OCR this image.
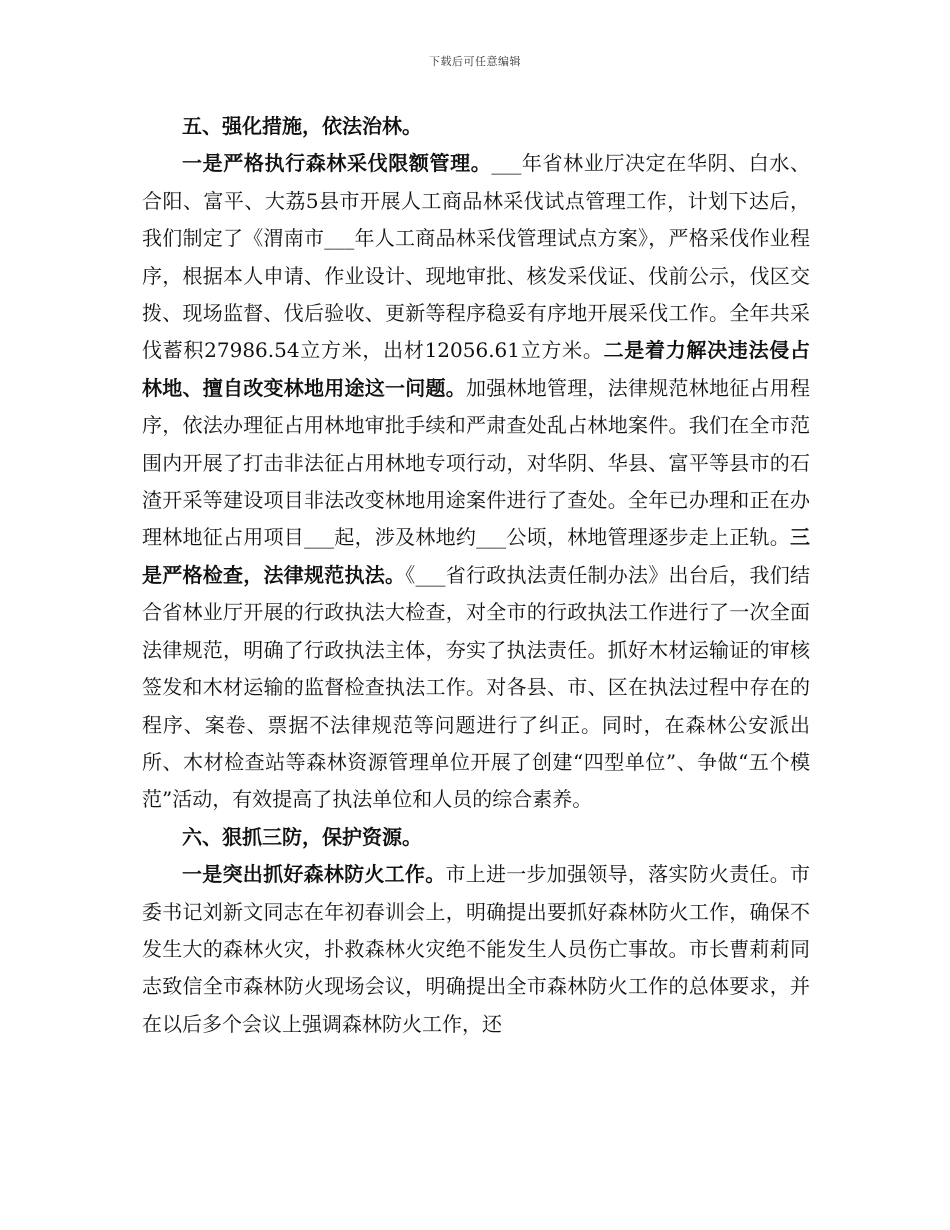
下载后可任意编辑

五、强化措施，依法治林。

一是严格执行森林采伐限额管理。___年省林业厅决定在华阴、白水、合阳、富平、大荔5县市开展人工商品林采伐试点管理工作，计划下达后，我们制定了《渭南市___年人工商品林采伐管理试点方案》，严格采伐作业程序，根据本人申请、作业设计、现地审批、核发采伐证、伐前公示，伐区交拨、现场监督、伐后验收、更新等程序稳妥有序地开展采伐工作。全年共采伐蓄积27986.54立方米，出材12056.61立方米。二是着力解决违法侵占林地、擅自改变林地用途这一问题。加强林地管理，法律规范林地征占用程序，依法办理征占用林地审批手续和严肃查处乱占林地案件。我们在全市范围内开展了打击非法征占用林地专项行动，对华阴、华县、富平等县市的石渣开采等建设项目非法改变林地用途案件进行了查处。全年已办理和正在办理林地征占用项目___起，涉及林地约___公顷，林地管理逐步走上正轨。三是严格检查，法律规范执法。《___省行政执法责任制办法》出台后，我们结合省林业厅开展的行政执法大检查，对全市的行政执法工作进行了一次全面法律规范，明确了行政执法主体，夯实了执法责任。抓好木材运输证的审核签发和木材运输的监督检查执法工作。对各县、市、区在执法过程中存在的程序、案卷、票据不法律规范等问题进行了纠正。同时，在森林公安派出所、木材检查站等森林资源管理单位开展了创建“四型单位”、争做“五个模范”活动，有效提高了执法单位和人员的综合素养。

六、狠抓三防，保护资源。

一是突出抓好森林防火工作。市上进一步加强领导，落实防火责任。市委书记刘新文同志在年初春训会上，明确提出要抓好森林防火工作，确保不发生大的森林火灾，扑救森林火灾绝不能发生人员伤亡事故。市长曹莉莉同志致信全市森林防火现场会议，明确提出全市森林防火工作的总体要求，并在以后多个会议上强调森林防火工作，还
